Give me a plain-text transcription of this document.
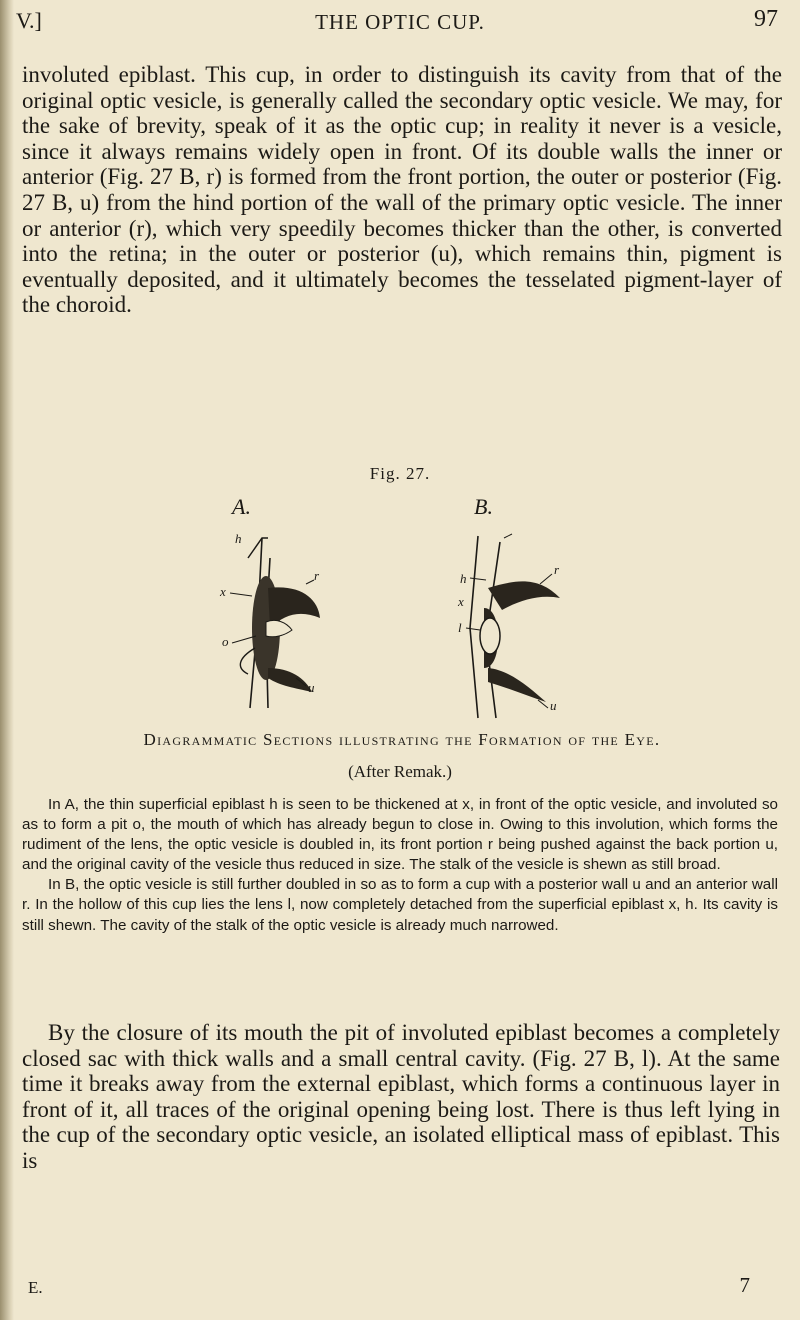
V.]	THE OPTIC CUP.	97

involuted epiblast. This cup, in order to distinguish its cavity from that of the original optic vesicle, is generally called the secondary optic vesicle. We may, for the sake of brevity, speak of it as the optic cup; in reality it never is a vesicle, since it always remains widely open in front. Of its double walls the inner or anterior (Fig. 27 B, r) is formed from the front portion, the outer or posterior (Fig. 27 B, u) from the hind portion of the wall of the primary optic vesicle. The inner or anterior (r), which very speedily becomes thicker than the other, is converted into the retina; in the outer or posterior (u), which remains thin, pigment is eventually deposited, and it ultimately becomes the tesselated pigment-layer of the choroid.

Fig. 27.
A.	B.
h
r
x
o
u
h
r
x
l
u
Diagrammatic Sections illustrating the Formation of the Eye.
(After Remak.)

In A, the thin superficial epiblast h is seen to be thickened at x, in front of the optic vesicle, and involuted so as to form a pit o, the mouth of which has already begun to close in. Owing to this involution, which forms the rudiment of the lens, the optic vesicle is doubled in, its front portion r being pushed against the back portion u, and the original cavity of the vesicle thus reduced in size. The stalk of the vesicle is shewn as still broad.

In B, the optic vesicle is still further doubled in so as to form a cup with a posterior wall u and an anterior wall r. In the hollow of this cup lies the lens l, now completely detached from the superficial epiblast x, h. Its cavity is still shewn. The cavity of the stalk of the optic vesicle is already much narrowed.

By the closure of its mouth the pit of involuted epiblast becomes a completely closed sac with thick walls and a small central cavity. (Fig. 27 B, l). At the same time it breaks away from the external epiblast, which forms a continuous layer in front of it, all traces of the original opening being lost. There is thus left lying in the cup of the secondary optic vesicle, an isolated elliptical mass of epiblast. This is

E.	7
